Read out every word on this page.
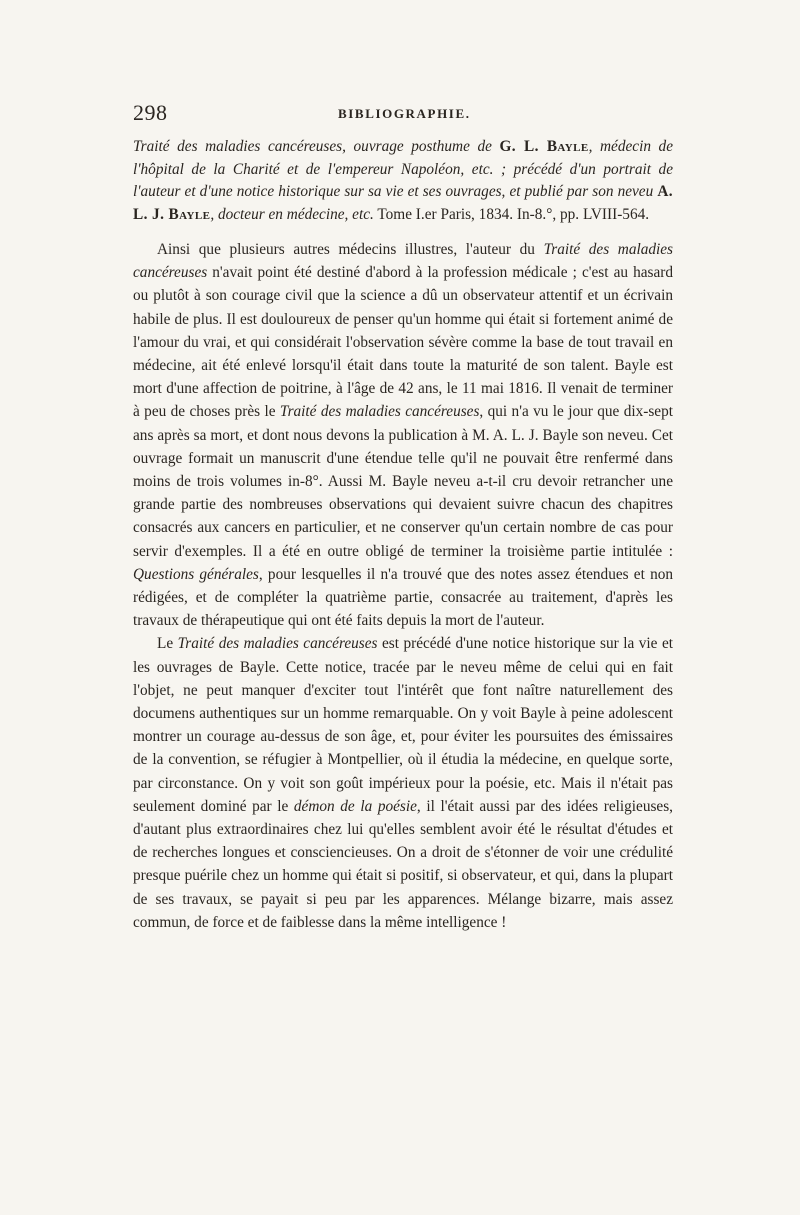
298	BIBLIOGRAPHIE.

Traité des maladies cancéreuses, ouvrage posthume de G. L. Bayle, médecin de l'hôpital de la Charité et de l'empereur Napoléon, etc. ; précédé d'un portrait de l'auteur et d'une notice historique sur sa vie et ses ouvrages, et publié par son neveu A. L. J. Bayle, docteur en médecine, etc. Tome I.er Paris, 1834. In-8.°, pp. LVIII-564.

Ainsi que plusieurs autres médecins illustres, l'auteur du Traité des maladies cancéreuses n'avait point été destiné d'abord à la profession médicale ; c'est au hasard ou plutôt à son courage civil que la science a dû un observateur attentif et un écrivain habile de plus. Il est douloureux de penser qu'un homme qui était si fortement animé de l'amour du vrai, et qui considérait l'observation sévère comme la base de tout travail en médecine, ait été enlevé lorsqu'il était dans toute la maturité de son talent. Bayle est mort d'une affection de poitrine, à l'âge de 42 ans, le 11 mai 1816. Il venait de terminer à peu de choses près le Traité des maladies cancéreuses, qui n'a vu le jour que dix-sept ans après sa mort, et dont nous devons la publication à M. A. L. J. Bayle son neveu. Cet ouvrage formait un manuscrit d'une étendue telle qu'il ne pouvait être renfermé dans moins de trois volumes in-8°. Aussi M. Bayle neveu a-t-il cru devoir retrancher une grande partie des nombreuses observations qui devaient suivre chacun des chapitres consacrés aux cancers en particulier, et ne conserver qu'un certain nombre de cas pour servir d'exemples. Il a été en outre obligé de terminer la troisième partie intitulée : Questions générales, pour lesquelles il n'a trouvé que des notes assez étendues et non rédigées, et de compléter la quatrième partie, consacrée au traitement, d'après les travaux de thérapeutique qui ont été faits depuis la mort de l'auteur.

Le Traité des maladies cancéreuses est précédé d'une notice historique sur la vie et les ouvrages de Bayle. Cette notice, tracée par le neveu même de celui qui en fait l'objet, ne peut manquer d'exciter tout l'intérêt que font naître naturellement des documens authentiques sur un homme remarquable. On y voit Bayle à peine adolescent montrer un courage au-dessus de son âge, et, pour éviter les poursuites des émissaires de la convention, se réfugier à Montpellier, où il étudia la médecine, en quelque sorte, par circonstance. On y voit son goût impérieux pour la poésie, etc. Mais il n'était pas seulement dominé par le démon de la poésie, il l'était aussi par des idées religieuses, d'autant plus extraordinaires chez lui qu'elles semblent avoir été le résultat d'études et de recherches longues et consciencieuses. On a droit de s'étonner de voir une crédulité presque puérile chez un homme qui était si positif, si observateur, et qui, dans la plupart de ses travaux, se payait si peu par les apparences. Mélange bizarre, mais assez commun, de force et de faiblesse dans la même intelligence !
